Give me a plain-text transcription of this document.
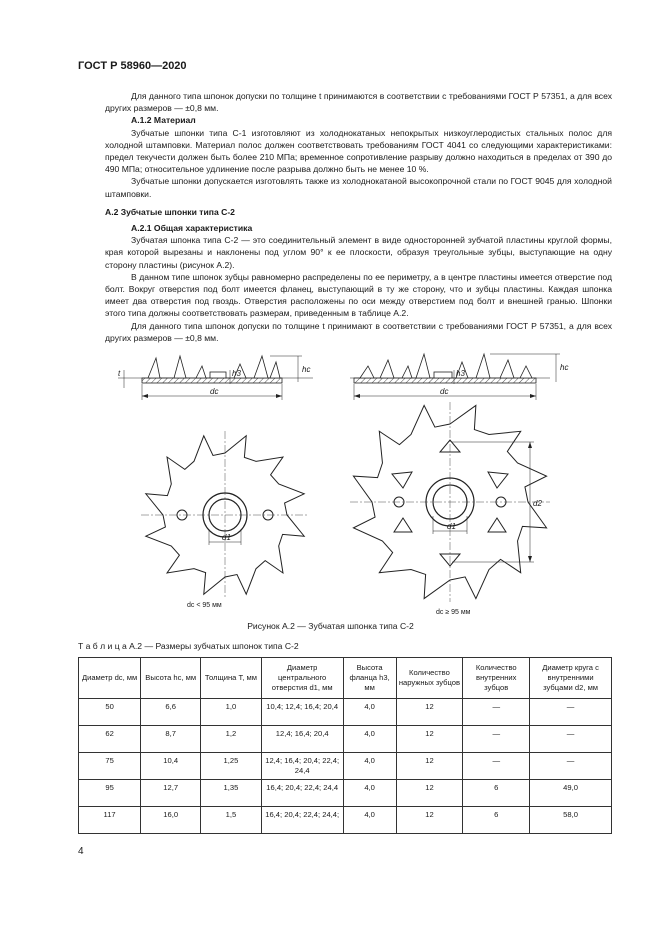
ГОСТ Р 58960—2020

Для данного типа шпонок допуски по толщине t принимаются в соответствии с требованиями ГОСТ Р 57351, а для всех других размеров — ±0,8 мм.

А.1.2 Материал

Зубчатые шпонки типа С-1 изготовляют из холоднокатаных непокрытых низкоуглеродистых стальных полос для холодной штамповки. Материал полос должен соответствовать требованиям ГОСТ 4041 со следующими характеристиками: предел текучести должен быть более 210 МПа; временное сопротивление разрыву должно находиться в пределах от 390 до 490 МПа; относительное удлинение после разрыва должно быть не менее 10 %.

Зубчатые шпонки допускается изготовлять также из холоднокатаной высокопрочной стали по ГОСТ 9045 для холодной штамповки.

А.2 Зубчатые шпонки типа С-2

А.2.1 Общая характеристика

Зубчатая шпонка типа С-2 — это соединительный элемент в виде односторонней зубчатой пластины круглой формы, края которой вырезаны и наклонены под углом 90° к ее плоскости, образуя треугольные зубцы, выступающие на одну сторону пластины (рисунок А.2).

В данном типе шпонок зубцы равномерно распределены по ее периметру, а в центре пластины имеется отверстие под болт. Вокруг отверстия под болт имеется фланец, выступающий в ту же сторону, что и зубцы пластины. Каждая шпонка имеет два отверстия под гвоздь. Отверстия расположены по оси между отверстием под болт и внешней гранью. Шпонки этого типа должны соответствовать размерам, приведенным в таблице А.2.

Для данного типа шпонок допуски по толщине t принимают в соответствии с требованиями ГОСТ Р 57351, а для всех других размеров — ±0,8 мм.

dс
t	h3	hс
dс
h3
hс
d1
dс < 95 мм
d1
d2
dс ≥ 95 мм
Рисунок А.2 — Зубчатая шпонка типа С-2
Т а б л и ц а А.2 — Размеры зубчатых шпонок типа С-2
Диаметр dс, мм	Высота hс, мм	Толщина T, мм	Диаметр центрального отверстия d1, мм	Высота фланца h3, мм	Количество наружных зубцов	Количество внутренних зубцов	Диаметр круга с внутренними зубцами d2, мм
50	6,6	1,0	10,4; 12,4; 16,4; 20,4	4,0	12	—	—
62	8,7	1,2	12,4; 16,4; 20,4	4,0	12	—	—
75	10,4	1,25	12,4; 16,4; 20,4; 22,4; 24,4	4,0	12	—	—
95	12,7	1,35	16,4; 20,4; 22,4; 24,4	4,0	12	6	49,0
117	16,0	1,5	16,4; 20,4; 22,4; 24,4;	4,0	12	6	58,0
4
